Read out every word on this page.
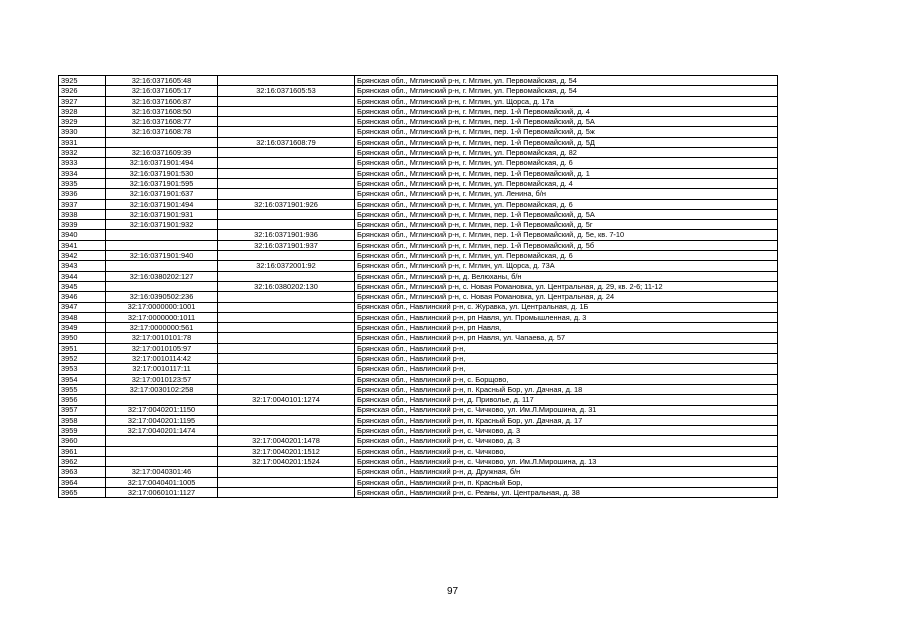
3925	32:16:0371605:48		Брянская обл., Мглинский р-н, г. Мглин, ул. Первомайская, д. 54
3926	32:16:0371605:17	32:16:0371605:53	Брянская обл., Мглинский р-н, г. Мглин, ул. Первомайская, д. 54
3927	32:16:0371606:87		Брянская обл., Мглинский р-н, г. Мглин, ул. Щорса, д. 17а
3928	32:16:0371608:50		Брянская обл., Мглинский р-н, г. Мглин, пер. 1-й Первомайский, д. 4
3929	32:16:0371608:77		Брянская обл., Мглинский р-н, г. Мглин, пер. 1-й Первомайский, д. 5А
3930	32:16:0371608:78		Брянская обл., Мглинский р-н, г. Мглин, пер. 1-й Первомайский, д. 5ж
3931		32:16:0371608:79	Брянская обл., Мглинский р-н, г. Мглин, пер. 1-й Первомайский, д. 5Д
3932	32:16:0371609:39		Брянская обл., Мглинский р-н, г. Мглин, ул. Первомайская, д. 82
3933	32:16:0371901:494		Брянская обл., Мглинский р-н, г. Мглин, ул. Первомайская, д. 6
3934	32:16:0371901:530		Брянская обл., Мглинский р-н, г. Мглин, пер. 1-й Первомайский, д. 1
3935	32:16:0371901:595		Брянская обл., Мглинский р-н, г. Мглин, ул. Первомайская, д. 4
3936	32:16:0371901:637		Брянская обл., Мглинский р-н, г. Мглин, ул. Ленина, б/н
3937	32:16:0371901:494	32:16:0371901:926	Брянская обл., Мглинский р-н, г. Мглин, ул. Первомайская, д. 6
3938	32:16:0371901:931		Брянская обл., Мглинский р-н, г. Мглин, пер. 1-й Первомайский, д. 5А
3939	32:16:0371901:932		Брянская обл., Мглинский р-н, г. Мглин, пер. 1-й Первомайский, д. 5г
3940		32:16:0371901:936	Брянская обл., Мглинский р-н, г. Мглин, пер. 1-й Первомайский, д. 5е, кв. 7-10
3941		32:16:0371901:937	Брянская обл., Мглинский р-н, г. Мглин, пер. 1-й Первомайский, д. 5б
3942	32:16:0371901:940		Брянская обл., Мглинский р-н, г. Мглин, ул. Первомайская, д. 6
3943		32:16:0372001:92	Брянская обл., Мглинский р-н, г. Мглин, ул. Щорса, д. 73А
3944	32:16:0380202:127		Брянская обл., Мглинский р-н, д. Велюханы, б/н
3945		32:16:0380202:130	Брянская обл., Мглинский р-н, с. Новая Романовка, ул. Центральная, д. 29, кв. 2-6; 11-12
3946	32:16:0390502:236		Брянская обл., Мглинский р-н, с. Новая Романовка, ул. Центральная, д. 24
3947	32:17:0000000:1001		Брянская обл., Навлинский р-н, с. Журавка, ул. Центральная, д. 1Б
3948	32:17:0000000:1011		Брянская обл., Навлинский р-н, рп Навля, ул. Промышленная, д. 3
3949	32:17:0000000:561		Брянская обл., Навлинский р-н, рп Навля,
3950	32:17:0010101:78		Брянская обл., Навлинский р-н, рп Навля, ул. Чапаева, д. 57
3951	32:17:0010105:97		Брянская обл., Навлинский р-н,
3952	32:17:0010114:42		Брянская обл., Навлинский р-н,
3953	32:17:0010117:11		Брянская обл., Навлинский р-н,
3954	32:17:0010123:57		Брянская обл., Навлинский р-н, с. Борщово,
3955	32:17:0030102:258		Брянская обл., Навлинский р-н, п. Красный Бор, ул. Дачная, д. 18
3956		32:17:0040101:1274	Брянская обл., Навлинский р-н, д. Приволье, д. 117
3957	32:17:0040201:1150		Брянская обл., Навлинский р-н, с. Чичково, ул. Им.Л.Мирошина, д. 31
3958	32:17:0040201:1195		Брянская обл., Навлинский р-н, п. Красный Бор, ул. Дачная, д. 17
3959	32:17:0040201:1474		Брянская обл., Навлинский р-н, с. Чичково, д. 3
3960		32:17:0040201:1478	Брянская обл., Навлинский р-н, с. Чичково, д. 3
3961		32:17:0040201:1512	Брянская обл., Навлинский р-н, с. Чичково,
3962		32:17:0040201:1524	Брянская обл., Навлинский р-н, с. Чичково, ул. Им.Л.Мирошина, д. 13
3963	32:17:0040301:46		Брянская обл., Навлинский р-н, д. Дружная, б/н
3964	32:17:0040401:1005		Брянская обл., Навлинский р-н, п. Красный Бор,
3965	32:17:0060101:1127		Брянская обл., Навлинский р-н, с. Реаны, ул. Центральная, д. 38
97
